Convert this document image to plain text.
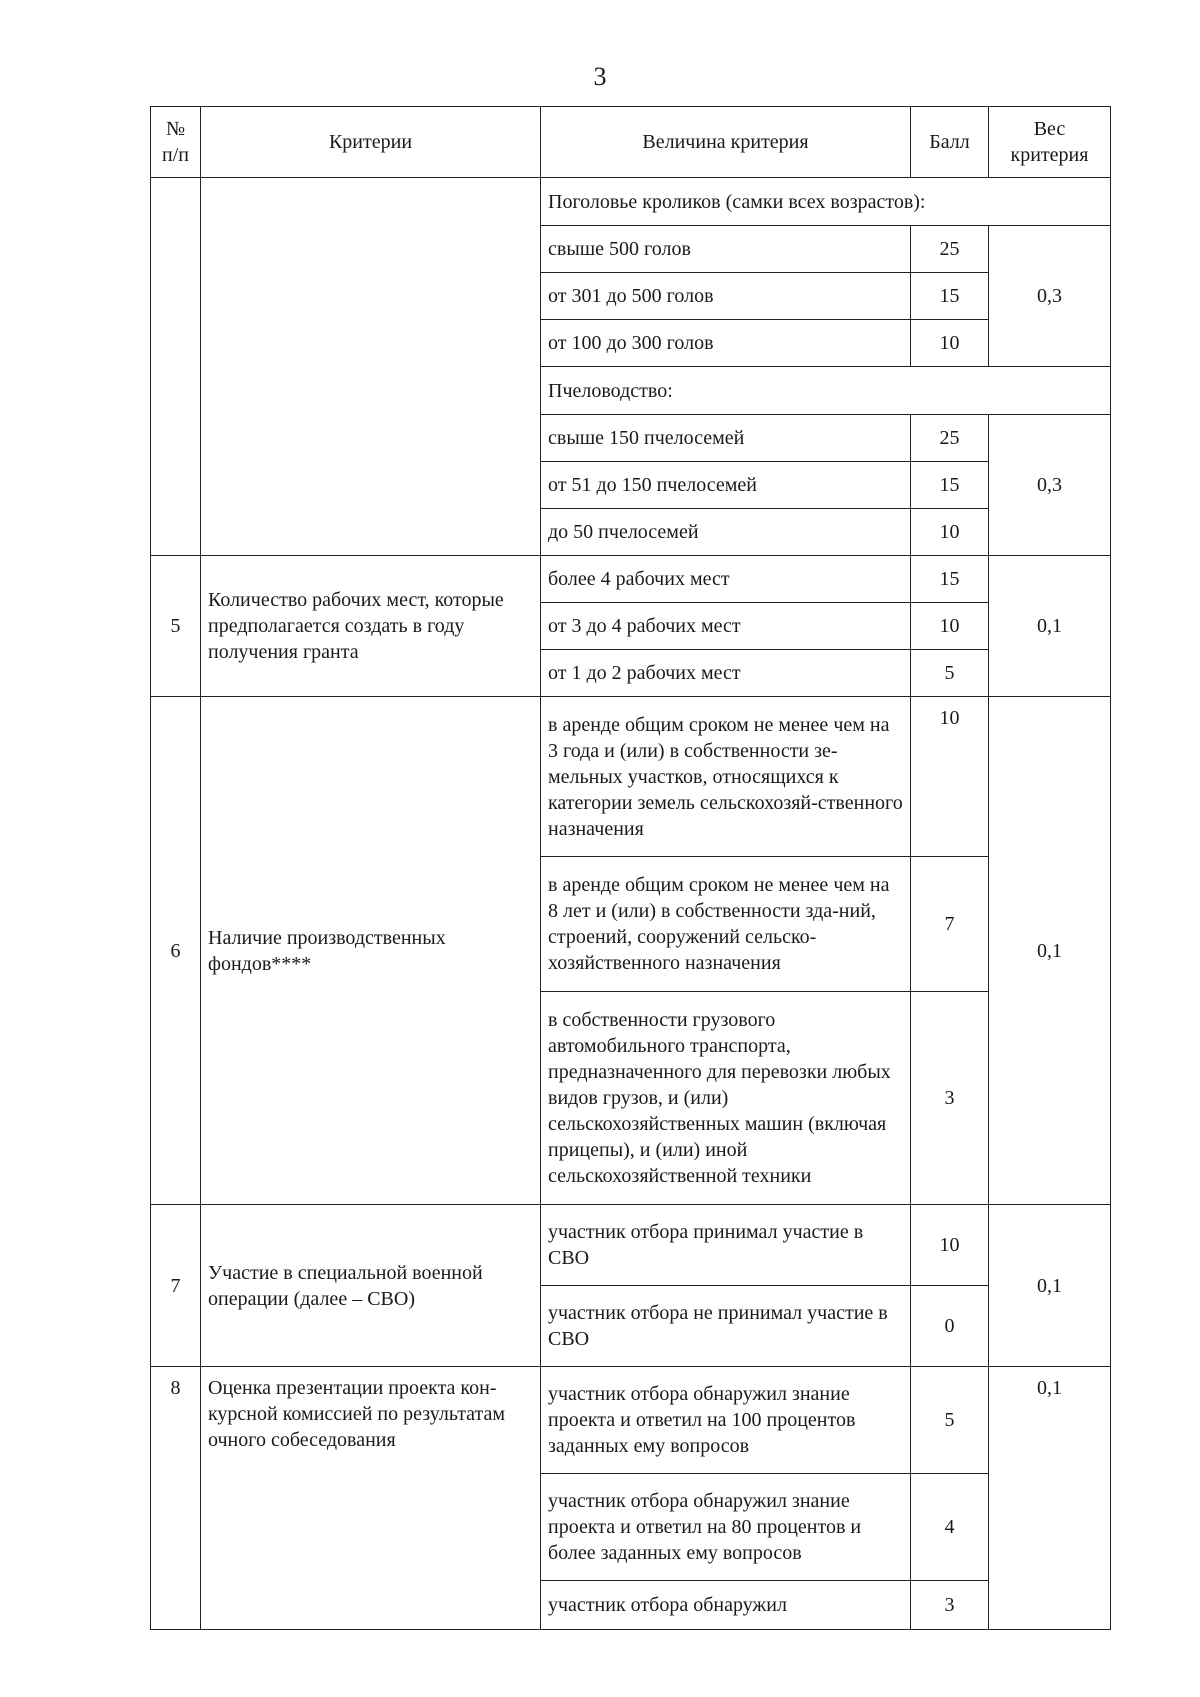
3
№ п/п	Критерии	Величина критерия	Балл	Вес критерия
		Поголовье кроликов (самки всех возрастов):		
		свыше 500 голов	25	0,3
		от 301 до 500 голов	15	
		от 100 до 300 голов	10	
		Пчеловодство:		
		свыше 150 пчелосемей	25	0,3
		от 51 до 150 пчелосемей	15	
		до 50 пчелосемей	10	
5	Количество рабочих мест, которые предполагается создать в году получения гранта	более 4 рабочих мест	15	0,1
		от 3 до 4 рабочих мест	10	
		от 1 до 2 рабочих мест	5	
6	Наличие производственных фондов****	в аренде общим сроком не менее чем на 3 года и (или) в собственности зе-мельных участков, относящихся к категории земель сельскохозяй-ственного назначения	10	0,1
		в аренде общим сроком не менее чем на 8 лет и (или) в собственности зда-ний, строений, сооружений сельско-хозяйственного назначения	7	
		в собственности грузового автомобильного транспорта, предназначенного для перевозки любых видов грузов, и (или) сельскохозяйственных машин (включая прицепы), и (или) иной сельскохозяйственной техники	3	
7	Участие в специальной военной операции (далее – СВО)	участник отбора принимал участие в СВО	10	0,1
		участник отбора не принимал участие в СВО	0	
8	Оценка презентации проекта кон-курсной комиссией по результатам очного собеседования	участник отбора обнаружил знание проекта и ответил на 100 процентов заданных ему вопросов	5	0,1
		участник отбора обнаружил знание проекта и ответил на 80 процентов и более заданных ему вопросов	4	
		участник отбора обнаружил	3	
